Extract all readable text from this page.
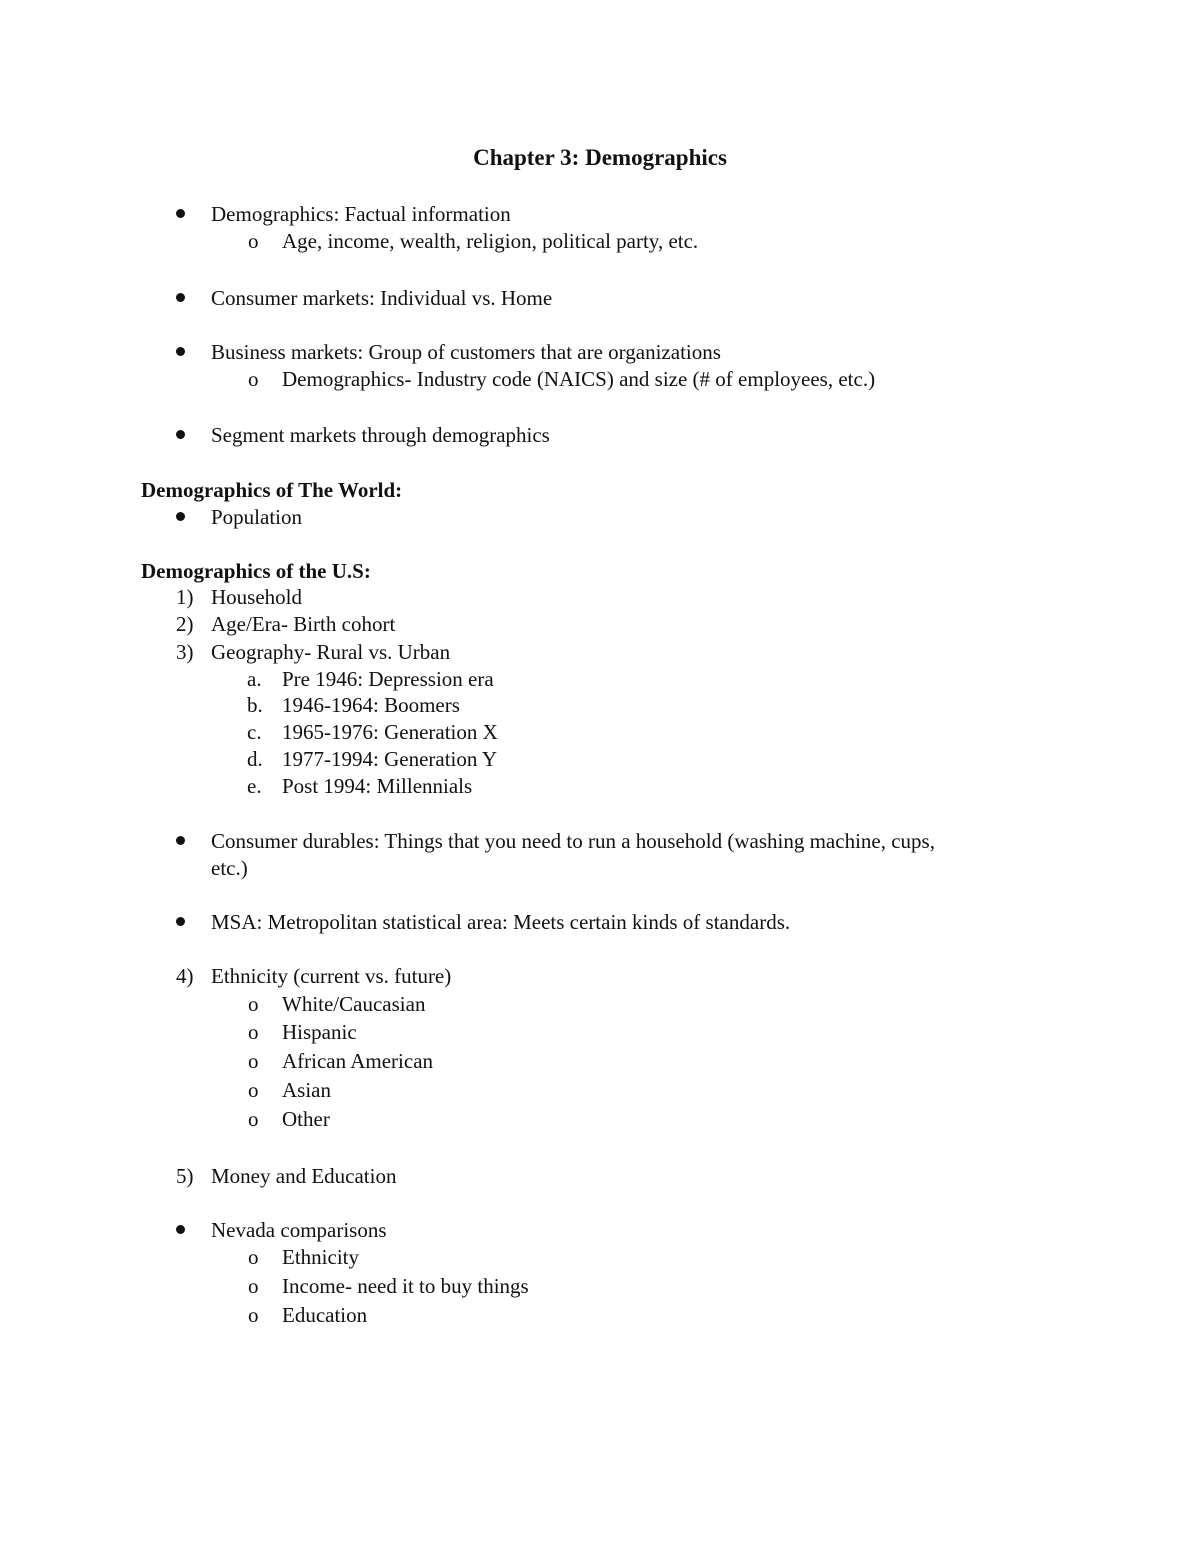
Chapter 3: Demographics
Demographics: Factual information
o Age, income, wealth, religion, political party, etc.
Consumer markets: Individual vs. Home
Business markets: Group of customers that are organizations
o Demographics- Industry code (NAICS) and size (# of employees, etc.)
Segment markets through demographics
Demographics of The World:
Population
Demographics of the U.S:
1) Household
2) Age/Era- Birth cohort
3) Geography- Rural vs. Urban
a. Pre 1946: Depression era
b. 1946-1964: Boomers
c. 1965-1976: Generation X
d. 1977-1994: Generation Y
e. Post 1994: Millennials
Consumer durables: Things that you need to run a household (washing machine, cups,
etc.)
MSA: Metropolitan statistical area: Meets certain kinds of standards.
4) Ethnicity (current vs. future)
o White/Caucasian
o Hispanic
o African American
o Asian
o Other
5) Money and Education
Nevada comparisons
o Ethnicity
o Income- need it to buy things
o Education
